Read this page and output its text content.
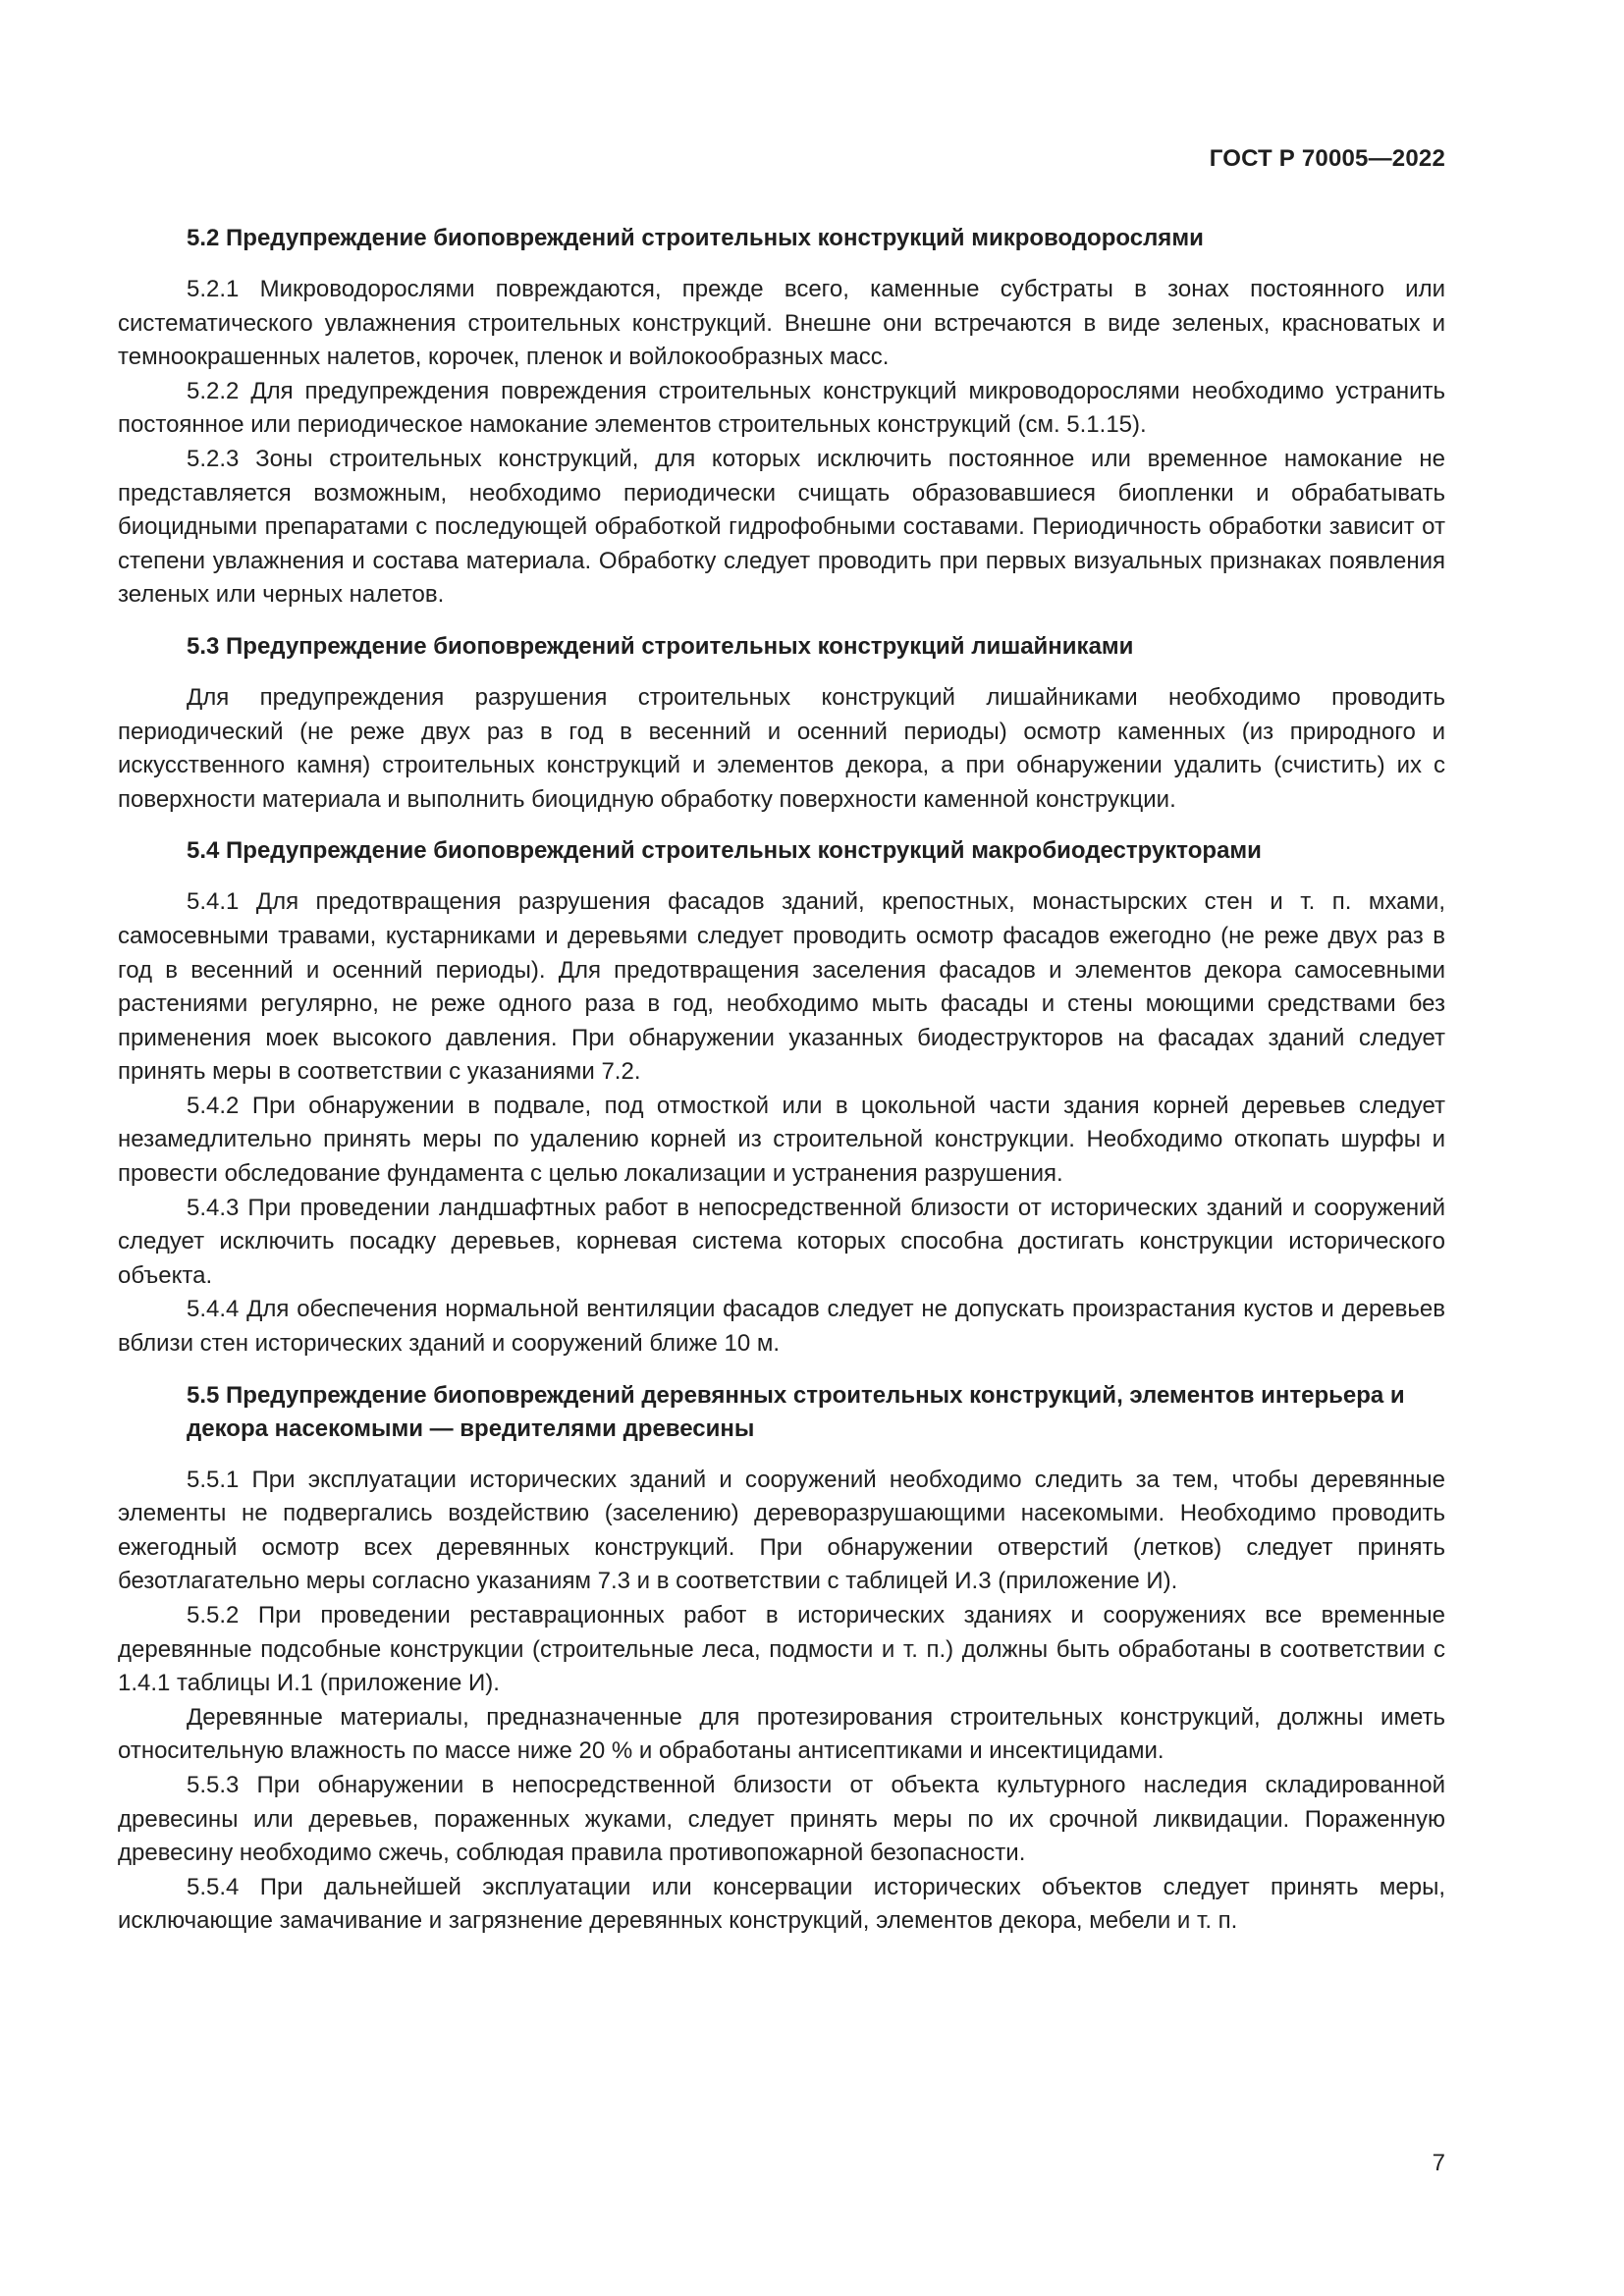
ГОСТ Р 70005—2022
5.2 Предупреждение биоповреждений строительных конструкций микроводорослями

5.2.1 Микроводорослями повреждаются, прежде всего, каменные субстраты в зонах постоянного или систематического увлажнения строительных конструкций. Внешне они встречаются в виде зеленых, красноватых и темноокрашенных налетов, корочек, пленок и войлокообразных масс.

5.2.2 Для предупреждения повреждения строительных конструкций микроводорослями необходимо устранить постоянное или периодическое намокание элементов строительных конструкций (см. 5.1.15).

5.2.3 Зоны строительных конструкций, для которых исключить постоянное или временное намокание не представляется возможным, необходимо периодически счищать образовавшиеся биопленки и обрабатывать биоцидными препаратами с последующей обработкой гидрофобными составами. Периодичность обработки зависит от степени увлажнения и состава материала. Обработку следует проводить при первых визуальных признаках появления зеленых или черных налетов.

5.3 Предупреждение биоповреждений строительных конструкций лишайниками

Для предупреждения разрушения строительных конструкций лишайниками необходимо проводить периодический (не реже двух раз в год в весенний и осенний периоды) осмотр каменных (из природного и искусственного камня) строительных конструкций и элементов декора, а при обнаружении удалить (счистить) их с поверхности материала и выполнить биоцидную обработку поверхности каменной конструкции.

5.4 Предупреждение биоповреждений строительных конструкций макробиодеструкторами

5.4.1 Для предотвращения разрушения фасадов зданий, крепостных, монастырских стен и т. п. мхами, самосевными травами, кустарниками и деревьями следует проводить осмотр фасадов ежегодно (не реже двух раз в год в весенний и осенний периоды). Для предотвращения заселения фасадов и элементов декора самосевными растениями регулярно, не реже одного раза в год, необходимо мыть фасады и стены моющими средствами без применения моек высокого давления. При обнаружении указанных биодеструкторов на фасадах зданий следует принять меры в соответствии с указаниями 7.2.

5.4.2 При обнаружении в подвале, под отмосткой или в цокольной части здания корней деревьев следует незамедлительно принять меры по удалению корней из строительной конструкции. Необходимо откопать шурфы и провести обследование фундамента с целью локализации и устранения разрушения.

5.4.3 При проведении ландшафтных работ в непосредственной близости от исторических зданий и сооружений следует исключить посадку деревьев, корневая система которых способна достигать конструкции исторического объекта.

5.4.4 Для обеспечения нормальной вентиляции фасадов следует не допускать произрастания кустов и деревьев вблизи стен исторических зданий и сооружений ближе 10 м.

5.5 Предупреждение биоповреждений деревянных строительных конструкций, элементов интерьера и декора насекомыми — вредителями древесины

5.5.1 При эксплуатации исторических зданий и сооружений необходимо следить за тем, чтобы деревянные элементы не подвергались воздействию (заселению) дереворазрушающими насекомыми. Необходимо проводить ежегодный осмотр всех деревянных конструкций. При обнаружении отверстий (летков) следует принять безотлагательно меры согласно указаниям 7.3 и в соответствии с таблицей И.3 (приложение И).

5.5.2 При проведении реставрационных работ в исторических зданиях и сооружениях все временные деревянные подсобные конструкции (строительные леса, подмости и т. п.) должны быть обработаны в соответствии с 1.4.1 таблицы И.1 (приложение И).

Деревянные материалы, предназначенные для протезирования строительных конструкций, должны иметь относительную влажность по массе ниже 20 % и обработаны антисептиками и инсектицидами.

5.5.3 При обнаружении в непосредственной близости от объекта культурного наследия складированной древесины или деревьев, пораженных жуками, следует принять меры по их срочной ликвидации. Пораженную древесину необходимо сжечь, соблюдая правила противопожарной безопасности.

5.5.4 При дальнейшей эксплуатации или консервации исторических объектов следует принять меры, исключающие замачивание и загрязнение деревянных конструкций, элементов декора, мебели и т. п.

7
